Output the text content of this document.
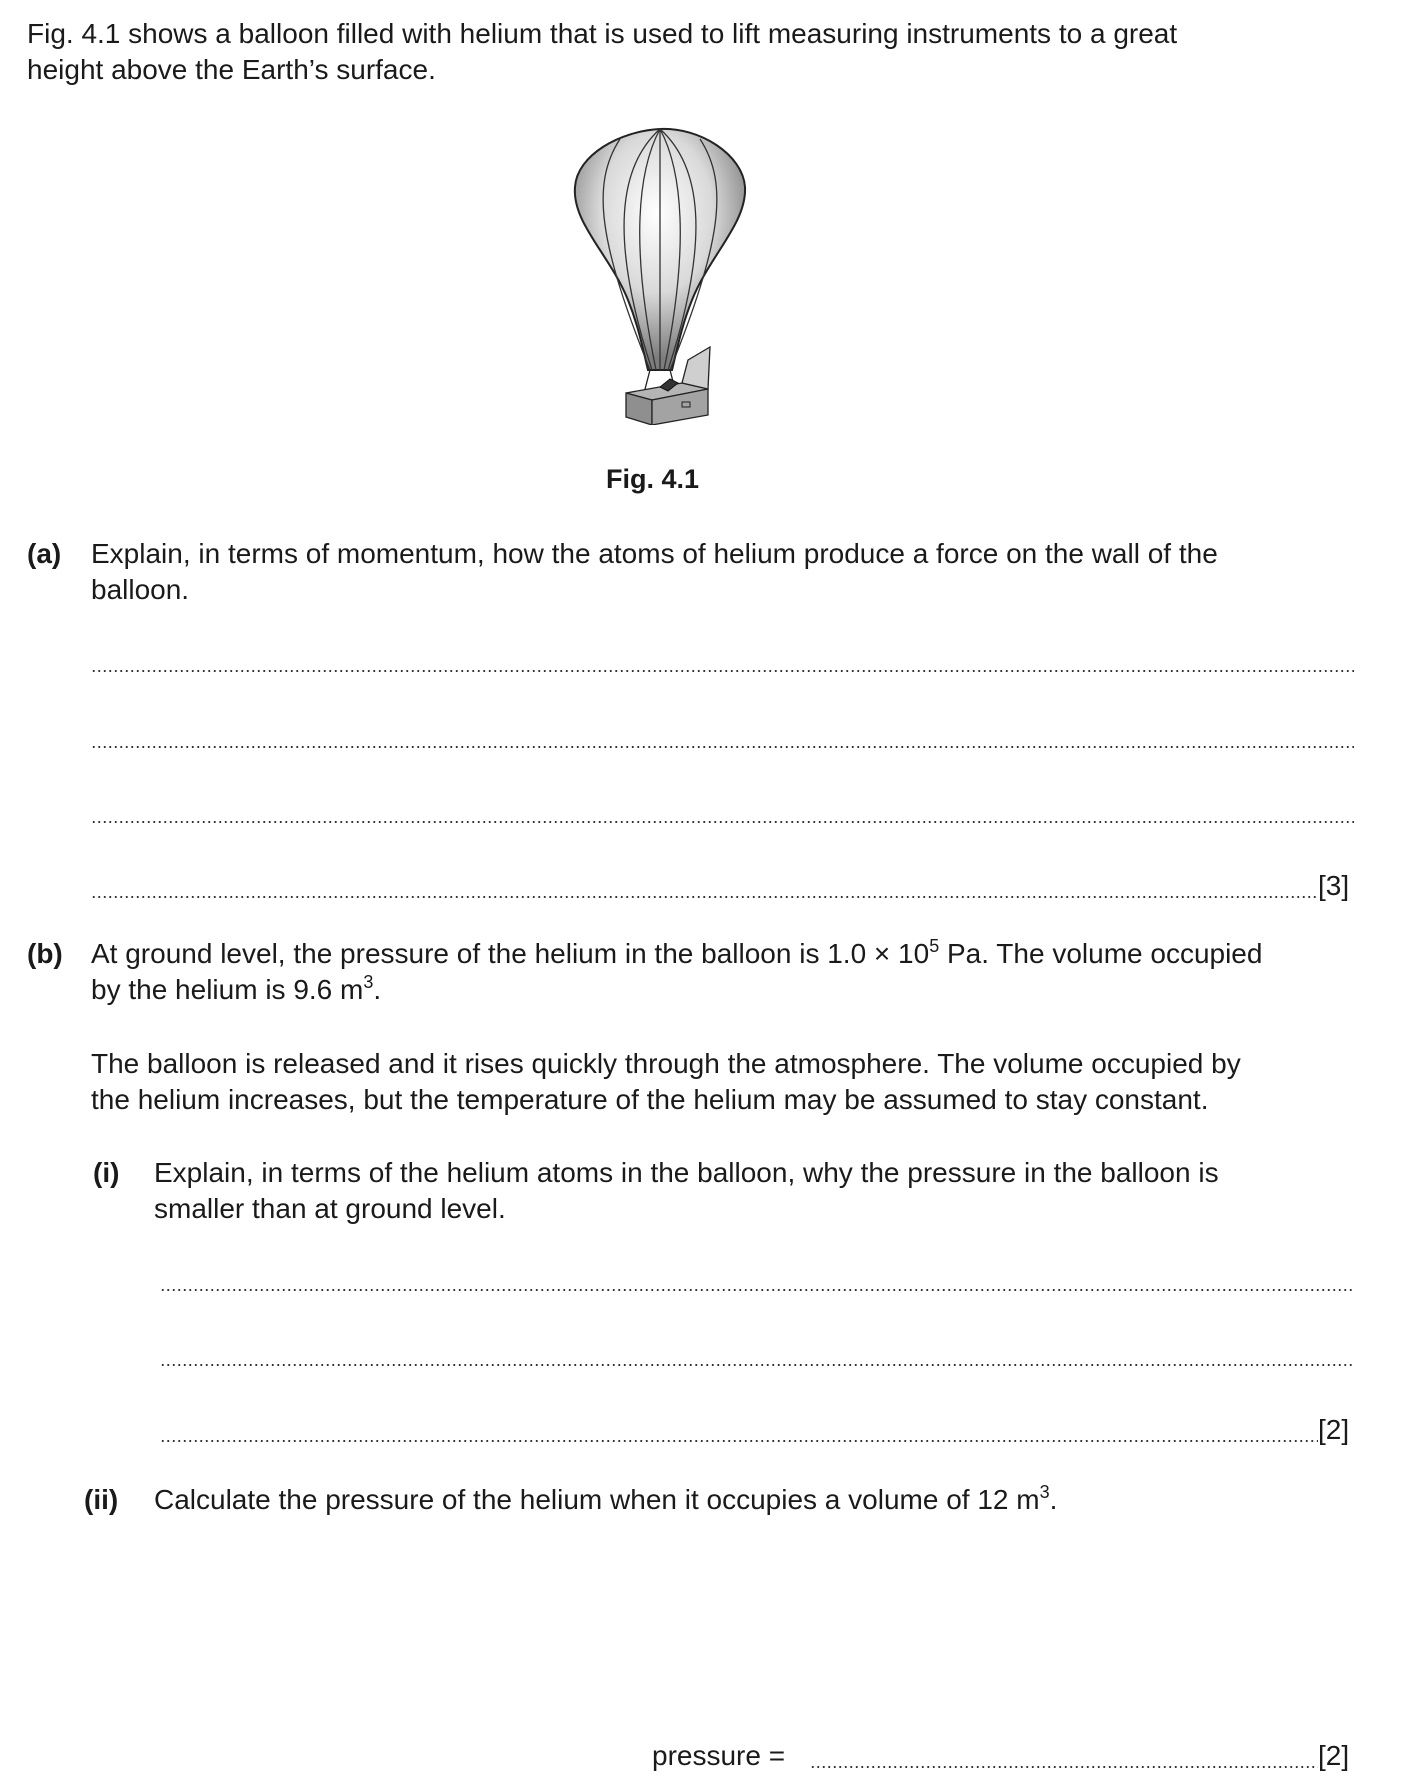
Fig. 4.1 shows a balloon filled with helium that is used to lift measuring instruments to a great
height above the Earth’s surface.
Fig. 4.1
(a) Explain, in terms of momentum, how the atoms of helium produce a force on the wall of the
balloon.
[3]
(b) At ground level, the pressure of the helium in the balloon is $1.0 \times 10^5$ Pa. The volume occupied
by the helium is 9.6 $m^3$.
The balloon is released and it rises quickly through the atmosphere. The volume occupied by
the helium increases, but the temperature of the helium may be assumed to stay constant.
(i) Explain, in terms of the helium atoms in the balloon, why the pressure in the balloon is
smaller than at ground level.
[2]
(ii) Calculate the pressure of the helium when it occupies a volume of 12 $m^3$.
pressure =	[2]
